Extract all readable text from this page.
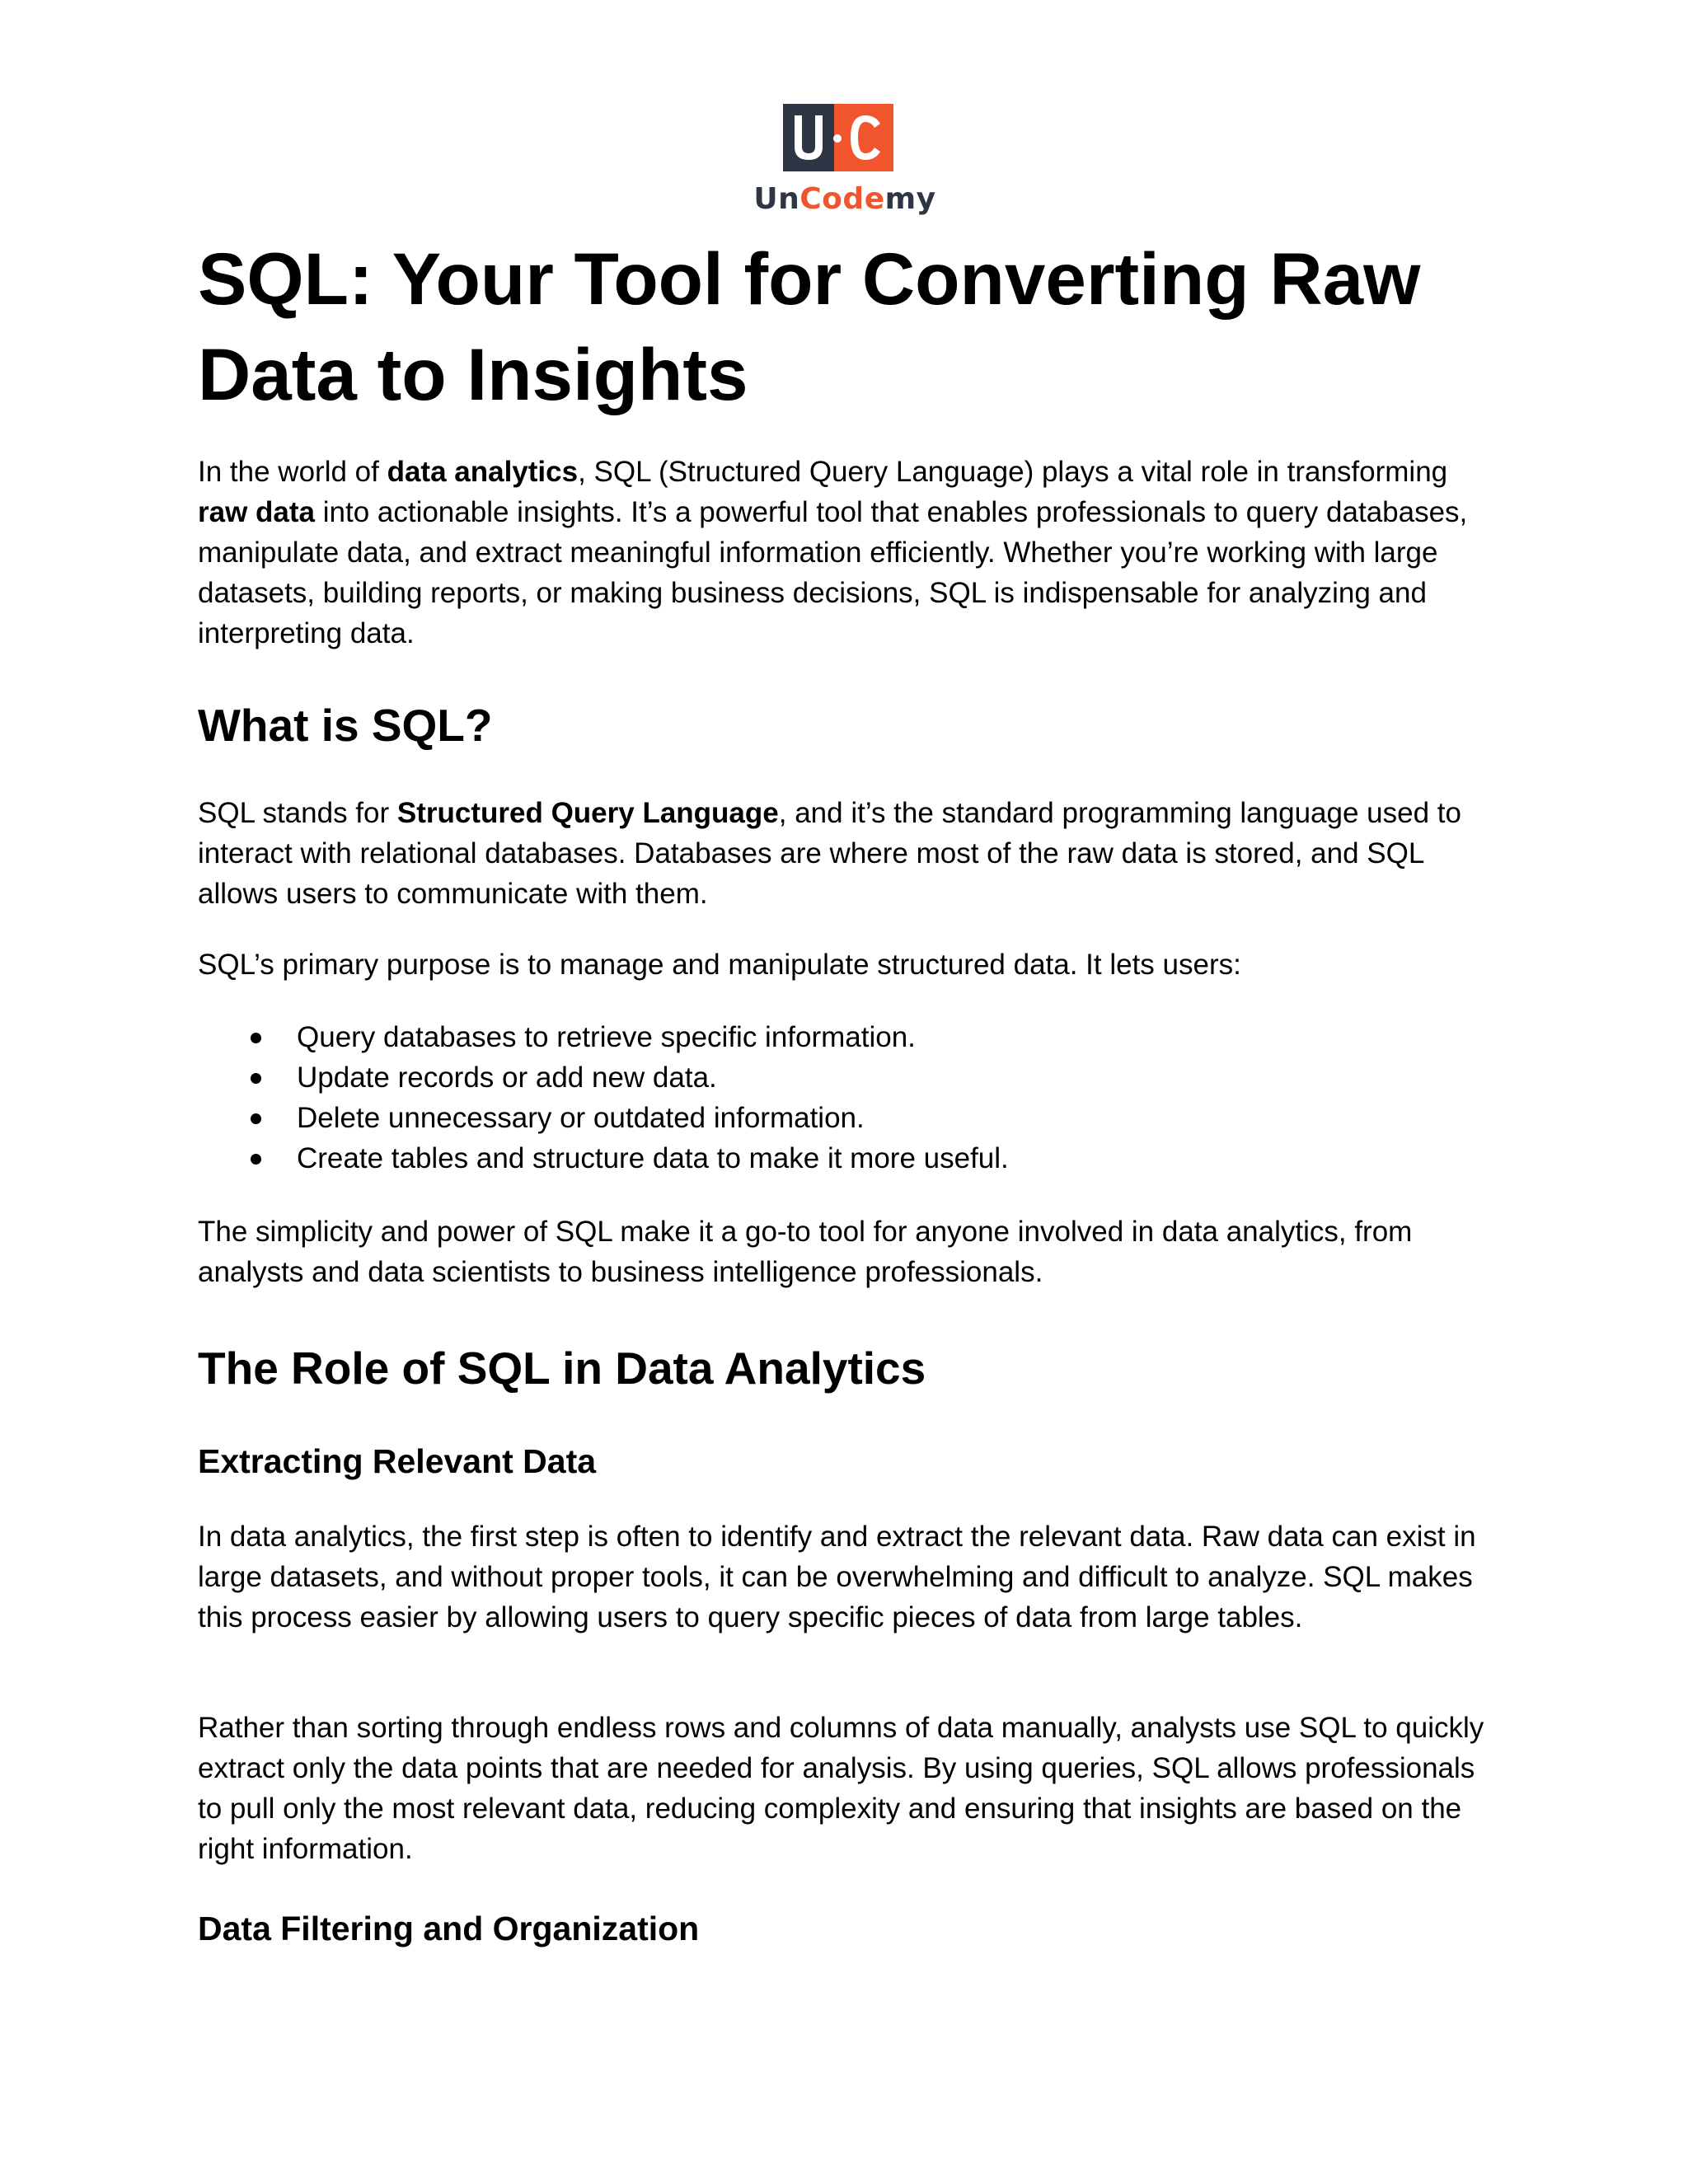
UnCodemy
SQL: Your Tool for Converting Raw Data to Insights

In the world of data analytics, SQL (Structured Query Language) plays a vital role in transforming raw data into actionable insights. It’s a powerful tool that enables professionals to query databases, manipulate data, and extract meaningful information efficiently. Whether you’re working with large datasets, building reports, or making business decisions, SQL is indispensable for analyzing and interpreting data.

What is SQL?

SQL stands for Structured Query Language, and it’s the standard programming language used to interact with relational databases. Databases are where most of the raw data is stored, and SQL allows users to communicate with them.

SQL’s primary purpose is to manage and manipulate structured data. It lets users:

Query databases to retrieve specific information.
Update records or add new data.
Delete unnecessary or outdated information.
Create tables and structure data to make it more useful.

The simplicity and power of SQL make it a go-to tool for anyone involved in data analytics, from analysts and data scientists to business intelligence professionals.

The Role of SQL in Data Analytics
Extracting Relevant Data

In data analytics, the first step is often to identify and extract the relevant data. Raw data can exist in large datasets, and without proper tools, it can be overwhelming and difficult to analyze. SQL makes this process easier by allowing users to query specific pieces of data from large tables.

Rather than sorting through endless rows and columns of data manually, analysts use SQL to quickly extract only the data points that are needed for analysis. By using queries, SQL allows professionals to pull only the most relevant data, reducing complexity and ensuring that insights are based on the right information.

Data Filtering and Organization
